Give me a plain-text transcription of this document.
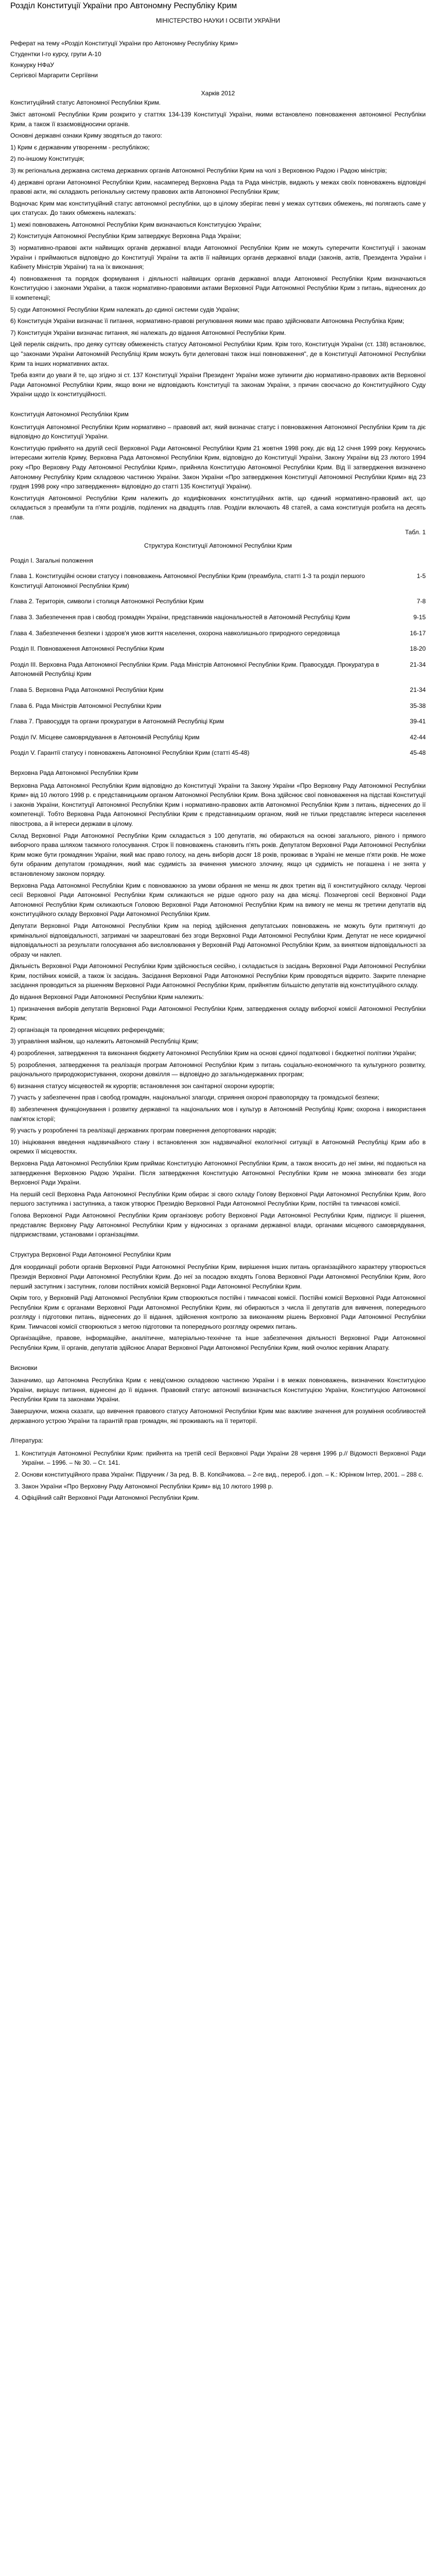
Розділ Конституції України про Автономну Республіку Крим
МІНІСТЕРСТВО НАУКИ І ОСВІТИ УКРАЇНИ
Реферат на тему «Розділ Конституції України про Автономну Республіку Крим»
Студентки І-го курсу, групи А-10
Конкурку НФаУ
Сергієвої Маргарити Сергіївни

Харків 2012

Конституційний статус Автономної Республіки Крим.

Зміст автономії Республіки Крим розкрито у статтях 134-139 Конституції України, якими встановлено повноваження автономної Республіки Крим, а також її взаємовідносини органів.

Основні державні ознаки Криму зводяться до такого:

1) Крим є державним утворенням - республікою;

2) по-іншому Конституція;

3) як регіональна державна система державних органів Автономної Республіки Крим на чолі з Верховною Радою і Радою міністрів;

4) державні органи Автономної Республіки Крим, насамперед Верховна Рада та Рада міністрів, видають у межах своїх повноважень відповідні правові акти, які складають регіональну систему правових актів Автономної Республіки Крим;

Водночас Крим має конституційний статус автономної республіки, що в цілому зберігає певні у межах суттєвих обмежень, які полягають саме у цих статусах. До таких обмежень належать:

1) межі повноважень Автономної Республіки Крим визначаються Конституцією України;

2) Конституція Автономної Республіки Крим затверджує Верховна Рада України;

3) нормативно-правові акти найвищих органів державної влади Автономної Республіки Крим не можуть суперечити Конституції і законам України і приймаються відповідно до Конституції України та актів її найвищих органів державної влади (законів, актів, Президента України і Кабінету Міністрів України) та на їх виконання;

4) повноваження та порядок формування і діяльності найвищих органів державної влади Автономної Республіки Крим визначаються Конституцією і законами України, а також нормативно-правовими актами Верховної Ради Автономної Республіки Крим з питань, віднесених до її компетенції;

5) суди Автономної Республіки Крим належать до єдиної системи судів України;

6) Конституція України визначає її питання, нормативно-правові регулювання якими має право здійснювати Автономна Республіка Крим;

7) Конституція України визначає питання, які належать до відання Автономної Республіки Крим.

Цей перелік свідчить, про деяку суттєву обмеженість статусу Автономної Республіки Крим. Крім того, Конституція України (ст. 138) встановлює, що "законами України Автономній Республіці Крим можуть бути делеговані також інші повноваження", де в Конституції Автономної Республіки Крим та інших нормативних актах.

Треба взяти до уваги й те, що згідно зі ст. 137 Конституції України Президент України може зупинити дію нормативно-правових актів Верховної Ради Автономної Республіки Крим, якщо вони не відповідають Конституції та законам України, з причин своєчасно до Конституційного Суду України щодо їх конституційності.

Конституція Автономної Республіки Крим

Конституція Автономної Республіки Крим нормативно – правовий акт, який визначає статус і повноваження Автономної Республіки Крим та діє відповідно до Конституції України.

Конституцію прийнято на другій сесії Верховної Ради Автономної Республіки Крим 21 жовтня 1998 року, діє від 12 січня 1999 року. Керуючись інтересами жителів Криму, Верховна Рада Автономної Республіки Крим, відповідно до Конституції України, Закону України від 23 лютого 1994 року «Про Верховну Раду Автономної Республіки Крим», прийняла Конституцію Автономної Республіки Крим. Від її затвердження визначено Автономну Республіку Крим складовою частиною України. Закон України «Про затвердження Конституції Автономної Республіки Крим» від 23 грудня 1998 року «про затвердження» відповідно до статті 135 Конституції України).

Конституція Автономної Республіки Крим належить до кодифікованих конституційних актів, що єдиний нормативно-правовий акт, що складається з преамбули та п'яти розділів, поділених на двадцять глав. Розділи включають 48 статей, а сама конституція розбита на десять глав.

Табл. 1
Структура Конституції Автономної Республіки Крим
Розділ I. Загальні положення
Глава 1. Конституційні основи статусу і повноважень Автономної Республіки Крим (преамбула, статті 1-3 та розділ першого Конституції Автономної Республіки Крим)
1-5
Глава 2. Територія, символи і столиця Автономної Республіки Крим	7-8
Глава 3. Забезпечення прав і свобод громадян України, представників національностей в Автономній Республіці Крим	9-15
Глава 4. Забезпечення безпеки і здоров'я умов життя населення, охорона навколишнього природного середовища	16-17
Розділ II. Повноваження Автономної Республіки Крим	18-20
Розділ III. Верховна Рада Автономної Республіки Крим. Рада Міністрів Автономної Республіки Крим. Правосуддя. Прокуратура в Автономній Республіці Крим
21-34
Глава 5. Верховна Рада Автономної Республіки Крим	21-34
Глава 6. Рада Міністрів Автономної Республіки Крим	35-38
Глава 7. Правосуддя та органи прокуратури в Автономній Республіці Крим	39-41
Розділ IV. Місцеве самоврядування в Автономній Республіці Крим	42-44
Розділ V. Гарантії статусу і повноважень Автономної Республіки Крим (статті 45-48)	45-48
Верховна Рада Автономної Республіки Крим

Верховна Рада Автономної Республіки Крим відповідно до Конституції України та Закону України «Про Верховну Раду Автономної Республіки Крим» від 10 лютого 1998 р. є представницьким органом Автономної Республіки Крим. Вона здійснює свої повноваження на підставі Конституції і законів України, Конституції Автономної Республіки Крим і нормативно-правових актів Автономної Республіки Крим з питань, віднесених до її компетенції. Тобто Верховна Рада Автономної Республіки Крим є представницьким органом, який не тільки представляє інтереси населення півострова, а й інтереси держави в цілому.

Склад Верховної Ради Автономної Республіки Крим складається з 100 депутатів, які обираються на основі загального, рівного і прямого виборчого права шляхом таємного голосування. Строк її повноважень становить п'ять років. Депутатом Верховної Ради Автономної Республіки Крим може бути громадянин України, який має право голосу, на день виборів досяг 18 років, проживає в Україні не менше п'яти років. Не може бути обраним депутатом громадянин, який має судимість за вчинення умисного злочину, якщо ця судимість не погашена і не знята у встановленому законом порядку.

Верховна Рада Автономної Республіки Крим є повноважною за умови обрання не менш як двох третин від її конституційного складу. Чергові сесії Верховної Ради Автономної Республіки Крим скликаються не рідше одного разу на два місяці. Позачергові сесії Верховної Ради Автономної Республіки Крим скликаються Головою Верховної Ради Автономної Республіки Крим на вимогу не менш як третини депутатів від конституційного складу Верховної Ради Автономної Республіки Крим.

Депутати Верховної Ради Автономної Республіки Крим на період здійснення депутатських повноважень не можуть бути притягнуті до кримінальної відповідальності, затримані чи заарештовані без згоди Верховної Ради Автономної Республіки Крим. Депутат не несе юридичної відповідальності за результати голосування або висловлювання у Верховній Раді Автономної Республіки Крим, за винятком відповідальності за образу чи наклеп.

Діяльність Верховної Ради Автономної Республіки Крим здійснюється сесійно, і складається із засідань Верховної Ради Автономної Республіки Крим, постійних комісій, а також їх засідань. Засідання Верховної Ради Автономної Республіки Крим проводяться відкрито. Закрите пленарне засідання проводиться за рішенням Верховної Ради Автономної Республіки Крим, прийнятим більшістю депутатів від конституційного складу.

До відання Верховної Ради Автономної Республіки Крим належить:

1) призначення виборів депутатів Верховної Ради Автономної Республіки Крим, затвердження складу виборчої комісії Автономної Республіки Крим;

2) організація та проведення місцевих референдумів;

3) управління майном, що належить Автономній Республіці Крим;

4) розроблення, затвердження та виконання бюджету Автономної Республіки Крим на основі єдиної податкової і бюджетної політики України;

5) розроблення, затвердження та реалізація програм Автономної Республіки Крим з питань соціально-економічного та культурного розвитку, раціонального природокористування, охорони довкілля — відповідно до загальнодержавних програм;

6) визнання статусу місцевостей як курортів; встановлення зон санітарної охорони курортів;

7) участь у забезпеченні прав і свобод громадян, національної злагоди, сприяння охороні правопорядку та громадської безпеки;

8) забезпечення функціонування і розвитку державної та національних мов і культур в Автономній Республіці Крим; охорона і використання пам'яток історії;

9) участь у розробленні та реалізації державних програм повернення депортованих народів;

10) ініціювання введення надзвичайного стану і встановлення зон надзвичайної екологічної ситуації в Автономній Республіці Крим або в окремих її місцевостях.

Верховна Рада Автономної Республіки Крим приймає Конституцію Автономної Республіки Крим, а також вносить до неї зміни, які подаються на затвердження Верховною Радою України. Після затвердження Конституцію Автономної Республіки Крим не можна змінювати без згоди Верховної Ради України.

На першій сесії Верховна Рада Автономної Республіки Крим обирає зі свого складу Голову Верховної Ради Автономної Республіки Крим, його першого заступника і заступника, а також утворює Президію Верховної Ради Автономної Республіки Крим, постійні та тимчасові комісії.

Голова Верховної Ради Автономної Республіки Крим організовує роботу Верховної Ради Автономної Республіки Крим, підписує її рішення, представляє Верховну Раду Автономної Республіки Крим у відносинах з органами державної влади, органами місцевого самоврядування, підприємствами, установами і організаціями.

Структура Верховної Ради Автономної Республіки Крим

Для координації роботи органів Верховної Ради Автономної Республіки Крим, вирішення інших питань організаційного характеру утворюється Президія Верховної Ради Автономної Республіки Крим. До неї за посадою входять Голова Верховної Ради Автономної Республіки Крим, його перший заступник і заступник, голови постійних комісій Верховної Ради Автономної Республіки Крим.

Окрім того, у Верховній Раді Автономної Республіки Крим створюються постійні і тимчасові комісії. Постійні комісії Верховної Ради Автономної Республіки Крим є органами Верховної Ради Автономної Республіки Крим, які обираються з числа її депутатів для вивчення, попереднього розгляду і підготовки питань, віднесених до її відання, здійснення контролю за виконанням рішень Верховної Ради Автономної Республіки Крим. Тимчасові комісії створюються з метою підготовки та попереднього розгляду окремих питань.

Організаційне, правове, інформаційне, аналітичне, матеріально-технічне та інше забезпечення діяльності Верховної Ради Автономної Республіки Крим, її органів, депутатів здійснює Апарат Верховної Ради Автономної Республіки Крим, який очолює керівник Апарату.

Висновки

Зазначимо, що Автономна Республіка Крим є невід'ємною складовою частиною України і в межах повноважень, визначених Конституцією України, вирішує питання, віднесені до її відання. Правовий статус автономії визначається Конституцією України, Конституцією Автономної Республіки Крим та законами України.

Завершуючи, можна сказати, що вивчення правового статусу Автономної Республіки Крим має важливе значення для розуміння особливостей державного устрою України та гарантій прав громадян, які проживають на її території.

Література:
1. Конституція Автономної Республіки Крим: прийнята на третій сесії Верховної Ради України 28 червня 1996 р.// Відомості Верховної Ради України. – 1996. – № 30. – Ст. 141.
2. Основи конституційного права України: Підручник / За ред. В. В. Копєйчикова. – 2-ге вид., перероб. і доп. – К.: Юрінком Інтер, 2001. – 288 с.
3. Закон України «Про Верховну Раду Автономної Республіки Крим» від 10 лютого 1998 р.
4. Офіційний сайт Верховної Ради Автономної Республіки Крим.
